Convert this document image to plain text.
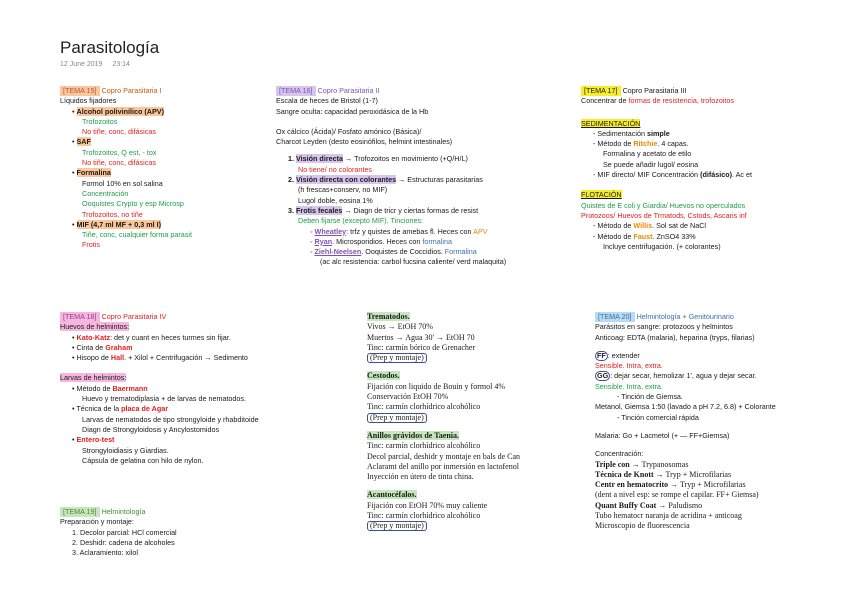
Parasitología
12 June 2019 23:14
[TEMA 15] Copro Parasitaria I
Líquidos fijadores
• Alcohol polivinílico (APV)
Trofozoitos
No tiñe, conc, difásicas
• SAF
Trofozoitos, Q est, - tox
No tiñe, conc, difásicas
• Formalina
Formol 10% en sol salina
Concentración
Ooquistes Crypto y esp Microsp
Trofozoitos, no tiñe
• MIF (4,7 ml MF + 0,3 ml I)
Tiñe, conc, cualquier forma parasit
Frotis
[TEMA 16] Copro Parasitaria II
Escala de heces de Bristol (1-7)
Sangre oculta: capacidad peroxidásica de la Hb
Ox cálcico (Ácida)/ Fosfato amónico (Básica)/
Charcot Leyden (desto eosinófilos, helmint intestinales)
1. Visión directa → Trofozoitos en movimiento (+Q/H/L)
No tiene/ no colorantes
2. Visión directa con colorantes → Estructuras parasitarias
(h frescas+conserv, no MIF)
Lugol doble, eosina 1%
3. Frotis fecales → Diagn de tricr y ciertas formas de resist
Deben fijarse (excepto MIF). Tinciones:
◦ Wheatley: trfz y quistes de amebas fl. Heces con APV
◦ Ryan. Microsporidios. Heces con formalina
◦ Ziehl-Neelsen. Ooquistes de Coccidios. Formalina
(ac alc resistencia: carbol fucsina caliente/ verd malaquita)
[TEMA 17] Copro Parasitaria III
Concentrar de formas de resistencia, trofozoitos
SEDIMENTACIÓN
- Sedimentación simple
- Método de Ritchie. 4 capas.
Formalina y acetato de etilo
Se puede añadir lugol/ eosina
- MIF directo/ MIF Concentración (difásico). Ac et
FLOTACIÓN
Quistes de E coli y Giardia/ Huevos no operculados
Protozoos/ Huevos de Trmatods, Cstods, Ascaris inf
- Método de Willis. Sol sat de NaCl
- Método de Faust. ZnSO4 33%
Incluye centrifugación. (+ colorantes)
[TEMA 18] Copro Parasitaria IV
Huevos de helmintos:
• Kato-Katz: det y cuant en heces turmes sin fijar.
• Cinta de Graham
• Hisopo de Hall. + Xilol + Centrifugación → Sedimento
Larvas de helmintos:
• Método de Baermann
Huevo y trematodiplasia + de larvas de nematodos.
• Técnica de la placa de Agar
Larvas de nematodos de tipo strongyloide y rhabditoide
Diagn de Strongyloidosis y Ancylostomidos
• Entero-test
Strongyloidiasis y Giardias.
Cápsula de gelatina con hilo de nylon.
[TEMA 19] Helmintología
Preparación y montaje:
1. Decolor parcial: HCl comercial
2. Deshidr: cadena de alcoholes
3. Aclaramiento: xilol
Trematodos.
Vivos → EtOH 70%
Muertos → Agua 30' → EtOH 70
Tinc: carmín bórico de Grenacher
(Prep y montaje)
Cestodos.
Fijación con liquido de Bouin y formol 4%
Conservación EtOH 70%
Tinc: carmín clorhídrico alcohólico
(Prep y montaje)
Anillos grávidos de Taenia.
Tinc: carmín clorhídrico alcohólico
Decol parcial, deshidr y montaje en bals de Can
Aclaramt del anillo por inmersión en lactofenol
Inyección en útero de tinta china.
Acantocéfalos.
Fijación con EtOH 70% muy caliente
Tinc: carmín clorhídrico alcohólico
(Prep y montaje)
[TEMA 20] Helmintología + Genitourinario
Parásitos en sangre: protozoos y helmintos
Anticoag: EDTA (malaria), heparina (tryps, filarias)
FF : extender
Sensible. Intra, extra.
GG : dejar secar, hemolizar 1', agua y dejar secar.
Sensible. Intra, extra.
- Tinción de Giemsa.
Metanol, Giemsa 1:50 (lavado a pH 7.2, 6.8) + Colorante
- Tinción comercial rápida
Malaria: Go + Lacmetol (+ — FF+Giemsa)
Concentración:
Triple con → Trypanosomas
Técnica de Knott → Tryp + Microfilarias
Centr en hematocrito → Tryp + Microfilarias
(dent a nivel esp: se rompe el capilar. FF+ Giemsa)
Quant Buffy Coat → Paludismo
Tubo hematocr naranja de acridina + anticoag
Microscopio de fluorescencia
